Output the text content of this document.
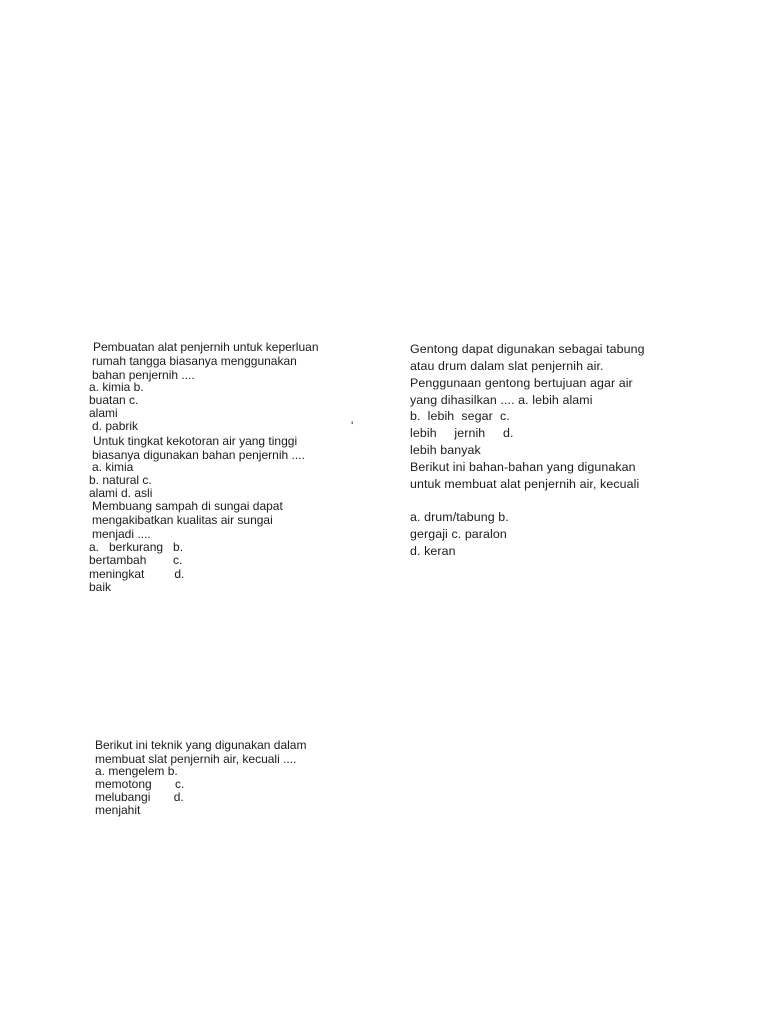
Pembuatan alat penjernih untuk keperluan
rumah tangga biasanya menggunakan
bahan penjernih ....
a. kimia b.
buatan c.
alami
d. pabrik
Untuk tingkat kekotoran air yang tinggi
biasanya digunakan bahan penjernih ....
a. kimia
b. natural c.
alami d. asli
Membuang sampah di sungai dapat
mengakibatkan kualitas air sungai
menjadi ....
a.   berkurang   b.
bertambah        c.
meningkat         d.
baik
'
Gentong dapat digunakan sebagai tabung
atau drum dalam slat penjernih air.
Penggunaan gentong bertujuan agar air
yang dihasilkan .... a. lebih alami
b.  lebih  segar  c.
lebih     jernih     d.
lebih banyak
Berikut ini bahan-bahan yang digunakan
untuk membuat alat penjernih air, kecuali
a. drum/tabung b.
gergaji c. paralon
d. keran
Berikut ini teknik yang digunakan dalam
membuat slat penjernih air, kecuali ....
a. mengelem b.
memotong       c.
melubangi       d.
menjahit
